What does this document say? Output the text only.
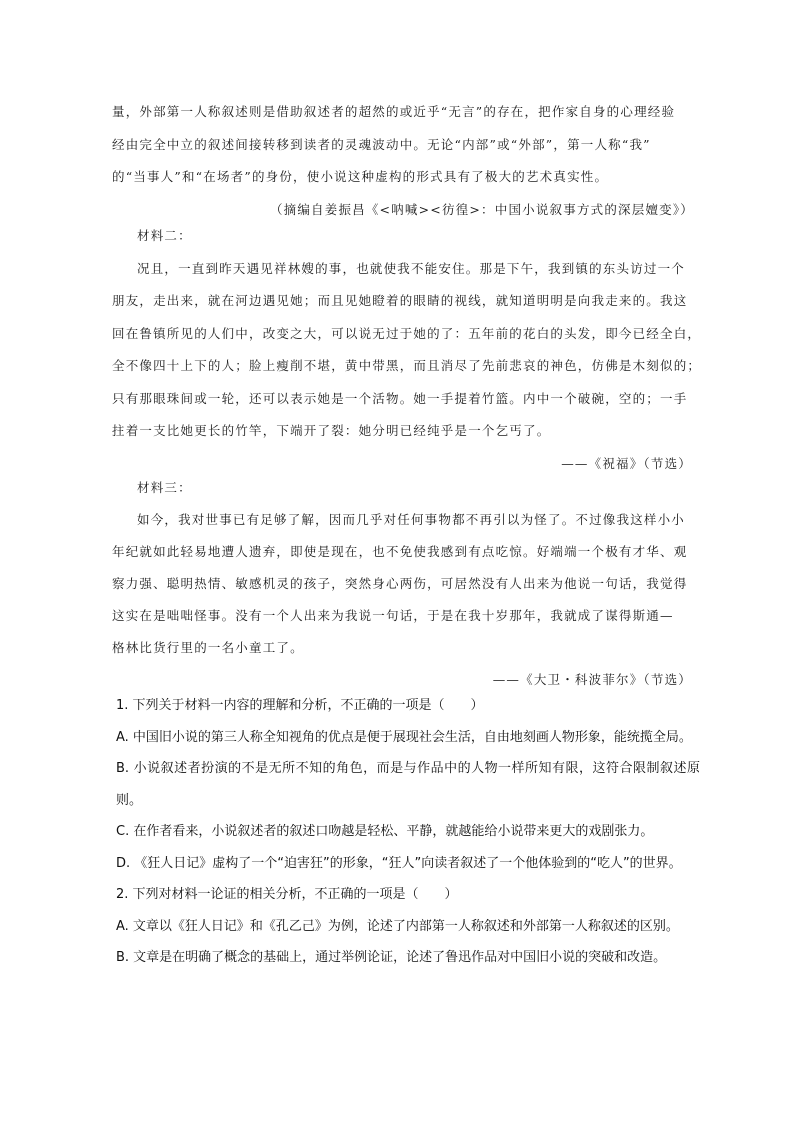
量，外部第一人称叙述则是借助叙述者的超然的或近乎“无言”的存在，把作家自身的心理经验

经由完全中立的叙述间接转移到读者的灵魂波动中。无论“内部”或“外部”，第一人称“我”

的“当事人”和“在场者”的身份，使小说这种虚构的形式具有了极大的艺术真实性。

（摘编自姜振昌《<呐喊><彷徨>：中国小说叙事方式的深层嬗变》）

材料二：

况且，一直到昨天遇见祥林嫂的事，也就使我不能安住。那是下午，我到镇的东头访过一个

朋友，走出来，就在河边遇见她；而且见她瞪着的眼睛的视线，就知道明明是向我走来的。我这

回在鲁镇所见的人们中，改变之大，可以说无过于她的了：五年前的花白的头发，即今已经全白，

全不像四十上下的人；脸上瘦削不堪，黄中带黑，而且消尽了先前悲哀的神色，仿佛是木刻似的；

只有那眼珠间或一轮，还可以表示她是一个活物。她一手提着竹篮。内中一个破碗，空的；一手

拄着一支比她更长的竹竿，下端开了裂：她分明已经纯乎是一个乞丐了。

——《祝福》（节选）

材料三：

如今，我对世事已有足够了解，因而几乎对任何事物都不再引以为怪了。不过像我这样小小

年纪就如此轻易地遭人遗弃，即使是现在，也不免使我感到有点吃惊。好端端一个极有才华、观

察力强、聪明热情、敏感机灵的孩子，突然身心两伤，可居然没有人出来为他说一句话，我觉得

这实在是咄咄怪事。没有一个人出来为我说一句话，于是在我十岁那年，我就成了谋得斯通—

格林比货行里的一名小童工了。

——《大卫・科波菲尔》（节选）

1. 下列关于材料一内容的理解和分析，不正确的一项是（　　）

A. 中国旧小说的第三人称全知视角的优点是便于展现社会生活，自由地刻画人物形象，能统揽全局。

B. 小说叙述者扮演的不是无所不知的角色，而是与作品中的人物一样所知有限，这符合限制叙述原则。

C. 在作者看来，小说叙述者的叙述口吻越是轻松、平静，就越能给小说带来更大的戏剧张力。

D. 《狂人日记》虚构了一个“迫害狂”的形象，“狂人”向读者叙述了一个他体验到的“吃人”的世界。

2. 下列对材料一论证的相关分析，不正确的一项是（　　）

A. 文章以《狂人日记》和《孔乙己》为例，论述了内部第一人称叙述和外部第一人称叙述的区别。

B. 文章是在明确了概念的基础上，通过举例论证，论述了鲁迅作品对中国旧小说的突破和改造。
